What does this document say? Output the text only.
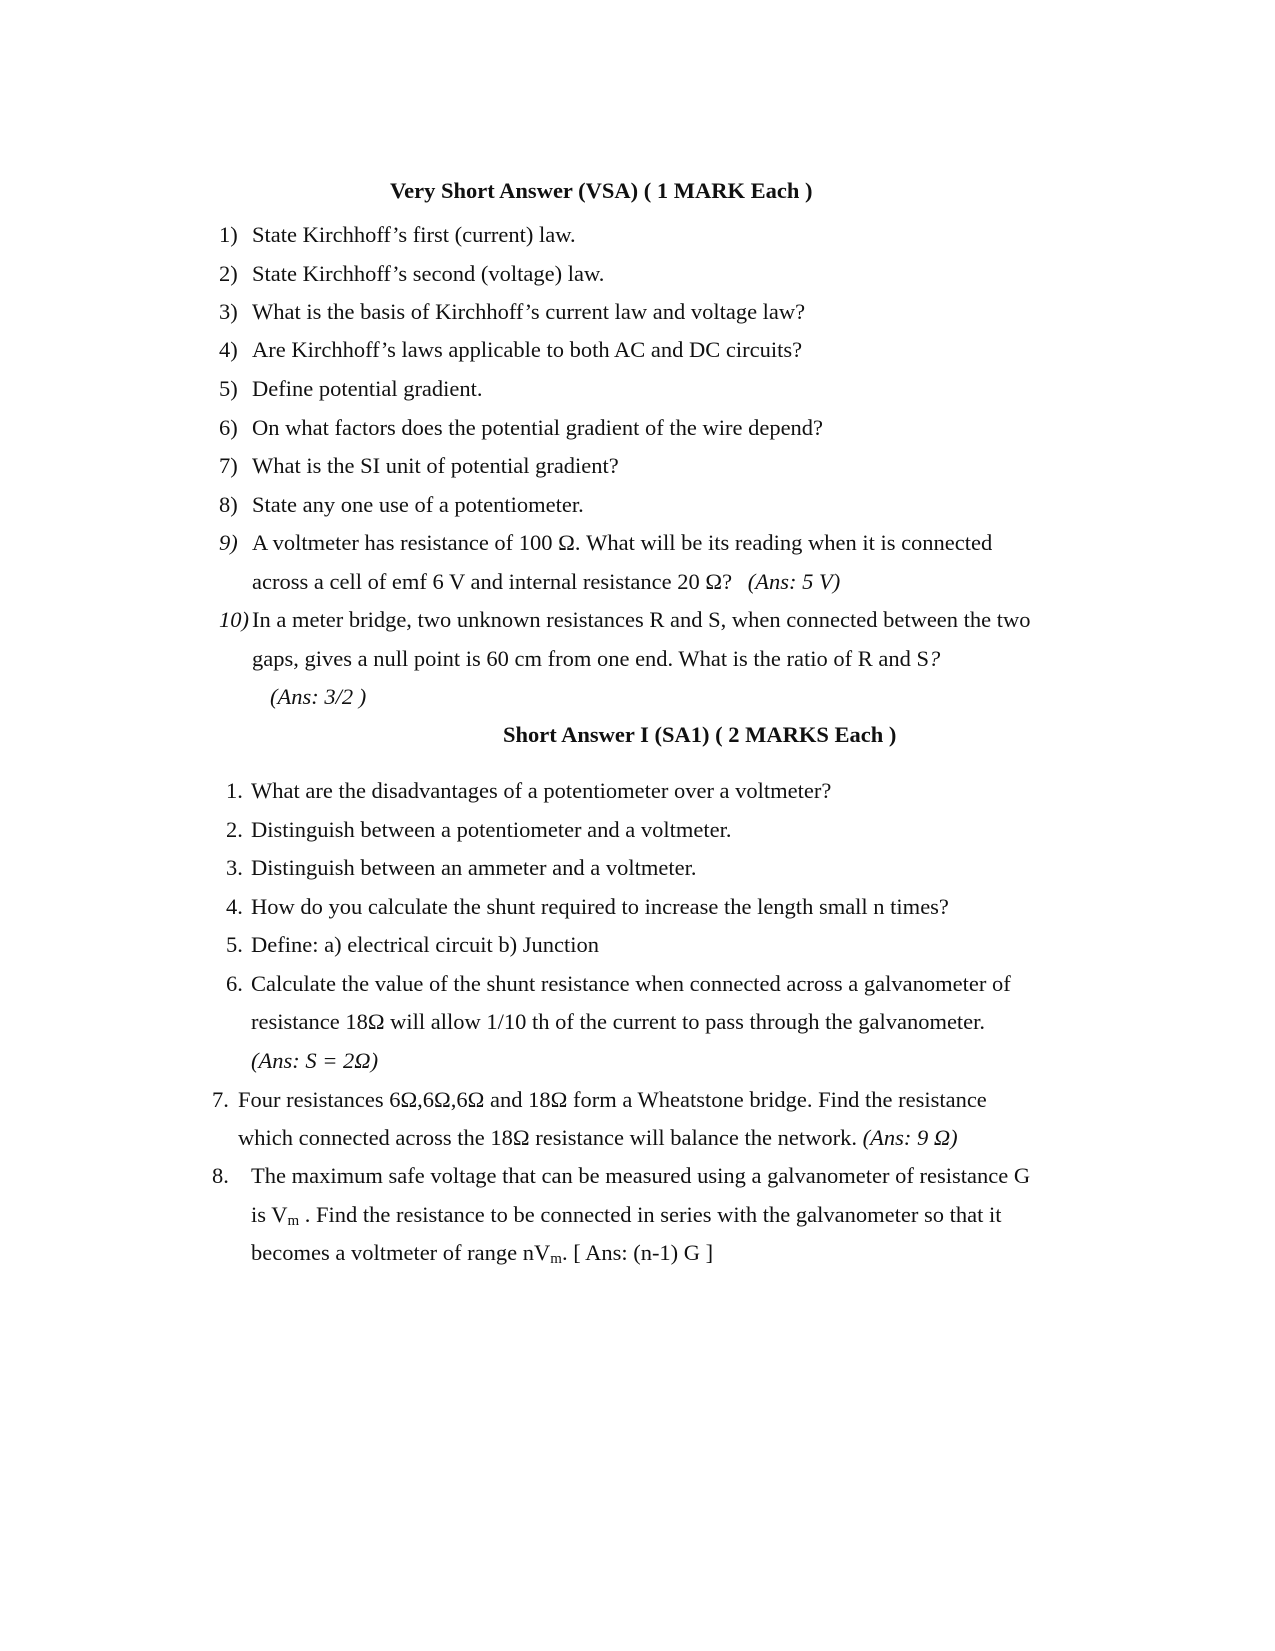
Very Short Answer (VSA) ( 1 MARK Each )
1) State Kirchhoff’s first (current) law.
2) State Kirchhoff’s second (voltage) law.
3) What is the basis of Kirchhoff’s current law and voltage law?
4) Are Kirchhoff’s laws applicable to both AC and DC circuits?
5) Define potential gradient.
6) On what factors does the potential gradient of the wire depend?
7) What is the SI unit of potential gradient?
8) State any one use of a potentiometer.
9) A voltmeter has resistance of 100 Ω. What will be its reading when it is connected
across a cell of emf 6 V and internal resistance 20 Ω? (Ans: 5 V)
10) In a meter bridge, two unknown resistances R and S, when connected between the two
gaps, gives a null point is 60 cm from one end. What is the ratio of R and S?
(Ans: 3/2 )
Short Answer I (SA1) ( 2 MARKS Each )
1. What are the disadvantages of a potentiometer over a voltmeter?
2. Distinguish between a potentiometer and a voltmeter.
3. Distinguish between an ammeter and a voltmeter.
4. How do you calculate the shunt required to increase the length small n times?
5. Define: a) electrical circuit b) Junction
6. Calculate the value of the shunt resistance when connected across a galvanometer of
resistance 18Ω will allow 1/10 th of the current to pass through the galvanometer.
(Ans: S = 2Ω)
7. Four resistances 6Ω,6Ω,6Ω and 18Ω form a Wheatstone bridge. Find the resistance
which connected across the 18Ω resistance will balance the network. (Ans: 9 Ω)
8. The maximum safe voltage that can be measured using a galvanometer of resistance G
is $V_m$ . Find the resistance to be connected in series with the galvanometer so that it
becomes a voltmeter of range $nV_m$. [ Ans: (n-1) G ]
